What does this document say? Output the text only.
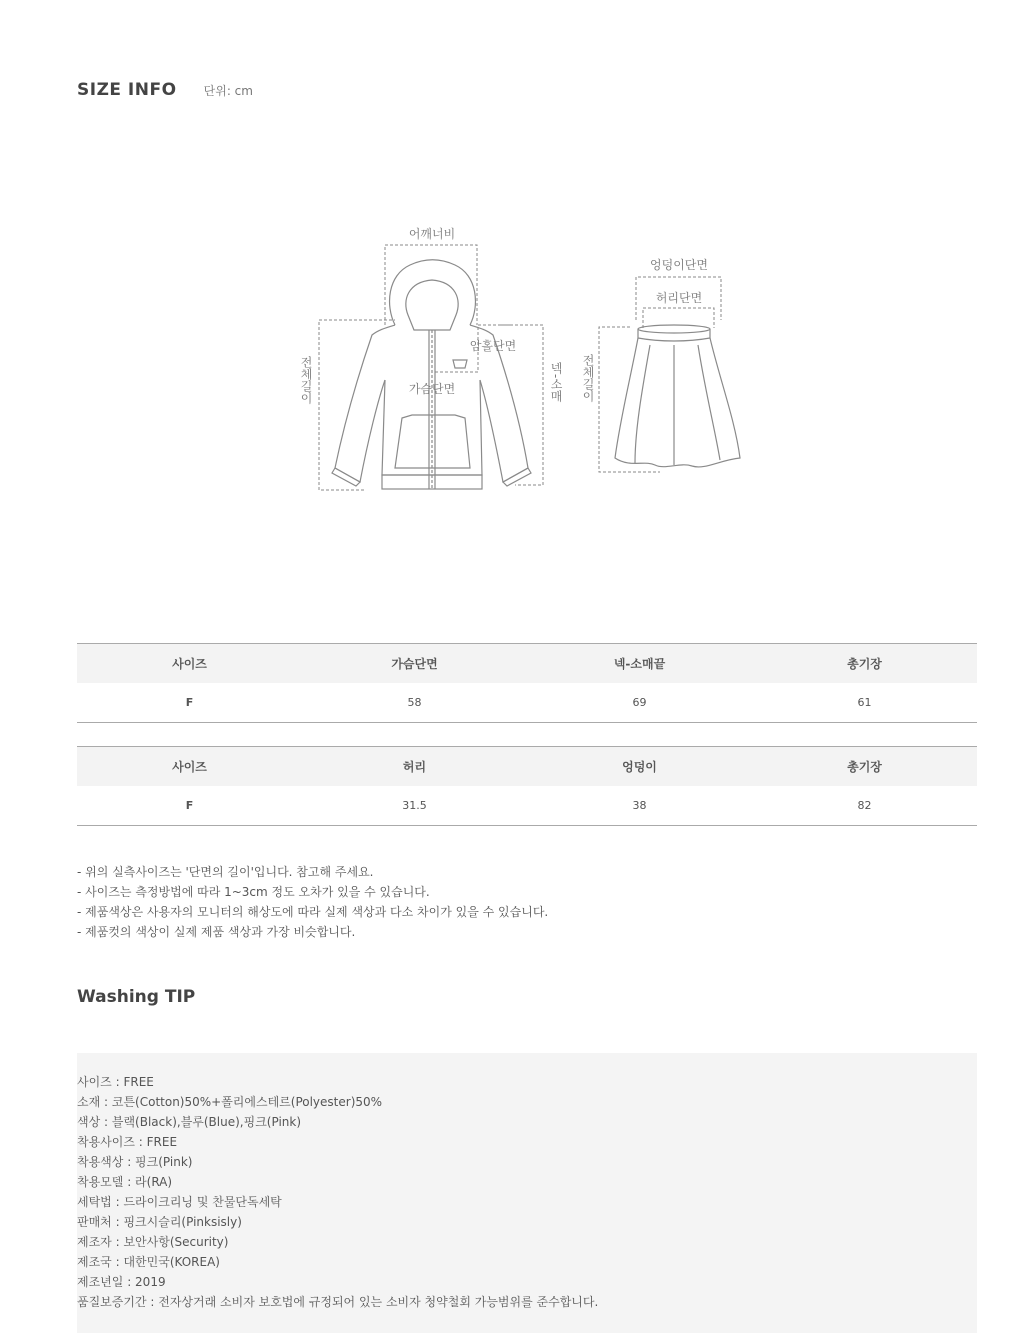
SIZE INFO 단위: cm
어깨너비
암홀단면
가슴단면
전체길이	넥-소매
엉덩이단면
허리단면
전체길이
사이즈	가슴단면	넥-소매끝	총기장
F	58	69	61
사이즈	허리	엉덩이	총기장
F	31.5	38	82
- 위의 실측사이즈는 '단면의 길이'입니다. 참고해 주세요.
- 사이즈는 측정방법에 따라 1~3cm 정도 오차가 있을 수 있습니다.
- 제품색상은 사용자의 모니터의 해상도에 따라 실제 색상과 다소 차이가 있을 수 있습니다.
- 제품컷의 색상이 실제 제품 색상과 가장 비슷합니다.
Washing TIP
사이즈 : FREE
소재 : 코튼(Cotton)50%+폴리에스테르(Polyester)50%
색상 : 블랙(Black),블루(Blue),핑크(Pink)
착용사이즈 : FREE
착용색상 : 핑크(Pink)
착용모델 : 라(RA)
세탁법 : 드라이크리닝 및 찬물단독세탁
판매처 : 핑크시슬리(Pinksisly)
제조자 : 보안사항(Security)
제조국 : 대한민국(KOREA)
제조년일 : 2019
품질보증기간 : 전자상거래 소비자 보호법에 규정되어 있는 소비자 청약철회 가능범위를 준수합니다.
